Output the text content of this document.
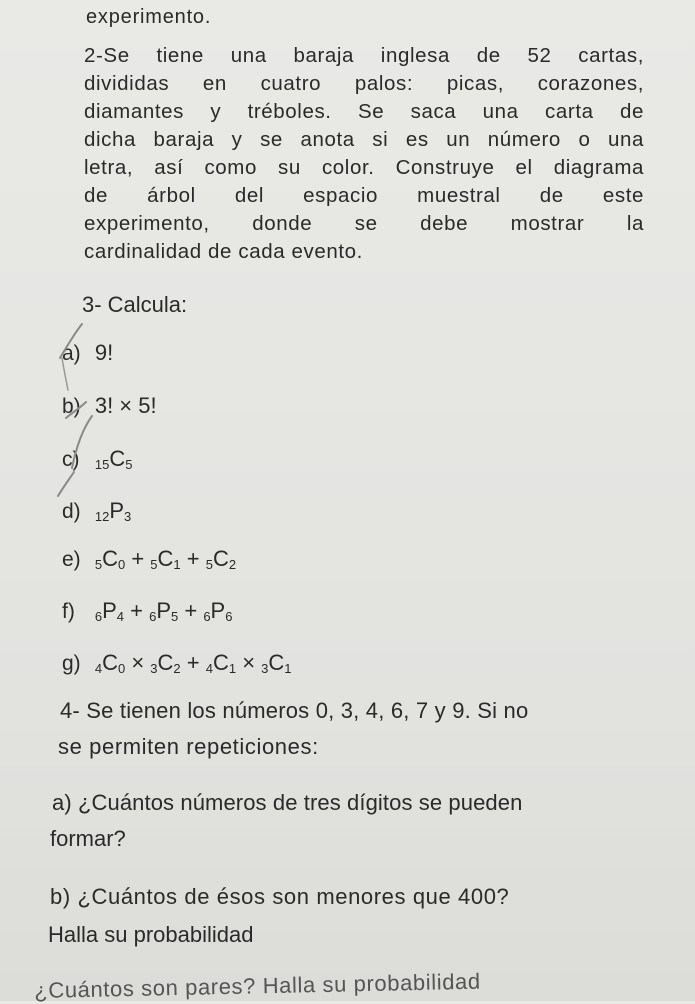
experimento.
2-Se tiene una baraja inglesa de 52 cartas,
divididas en cuatro palos: picas, corazones,
diamantes y tréboles. Se saca una carta de
dicha baraja y se anota si es un número o una
letra, así como su color. Construye el diagrama
de árbol del espacio muestral de este
experimento, donde se debe mostrar la
cardinalidad de cada evento.
3- Calcula:
a) 9!
b) 3! × 5!
c) $_{15}C_5$
d) $_{12}P_3$
e) $_5C_0 + _5C_1 + _5C_2$
f) $_6P_4 + _6P_5 + _6P_6$
g) $_4C_0 \times _3C_2 + _4C_1 \times _3C_1$
4- Se tienen los números 0, 3, 4, 6, 7 y 9. Si no
se permiten repeticiones:
a) ¿Cuántos números de tres dígitos se pueden
formar?
b) ¿Cuántos de ésos son menores que 400?
Halla su probabilidad
¿Cuántos son pares? Halla su probabilidad
